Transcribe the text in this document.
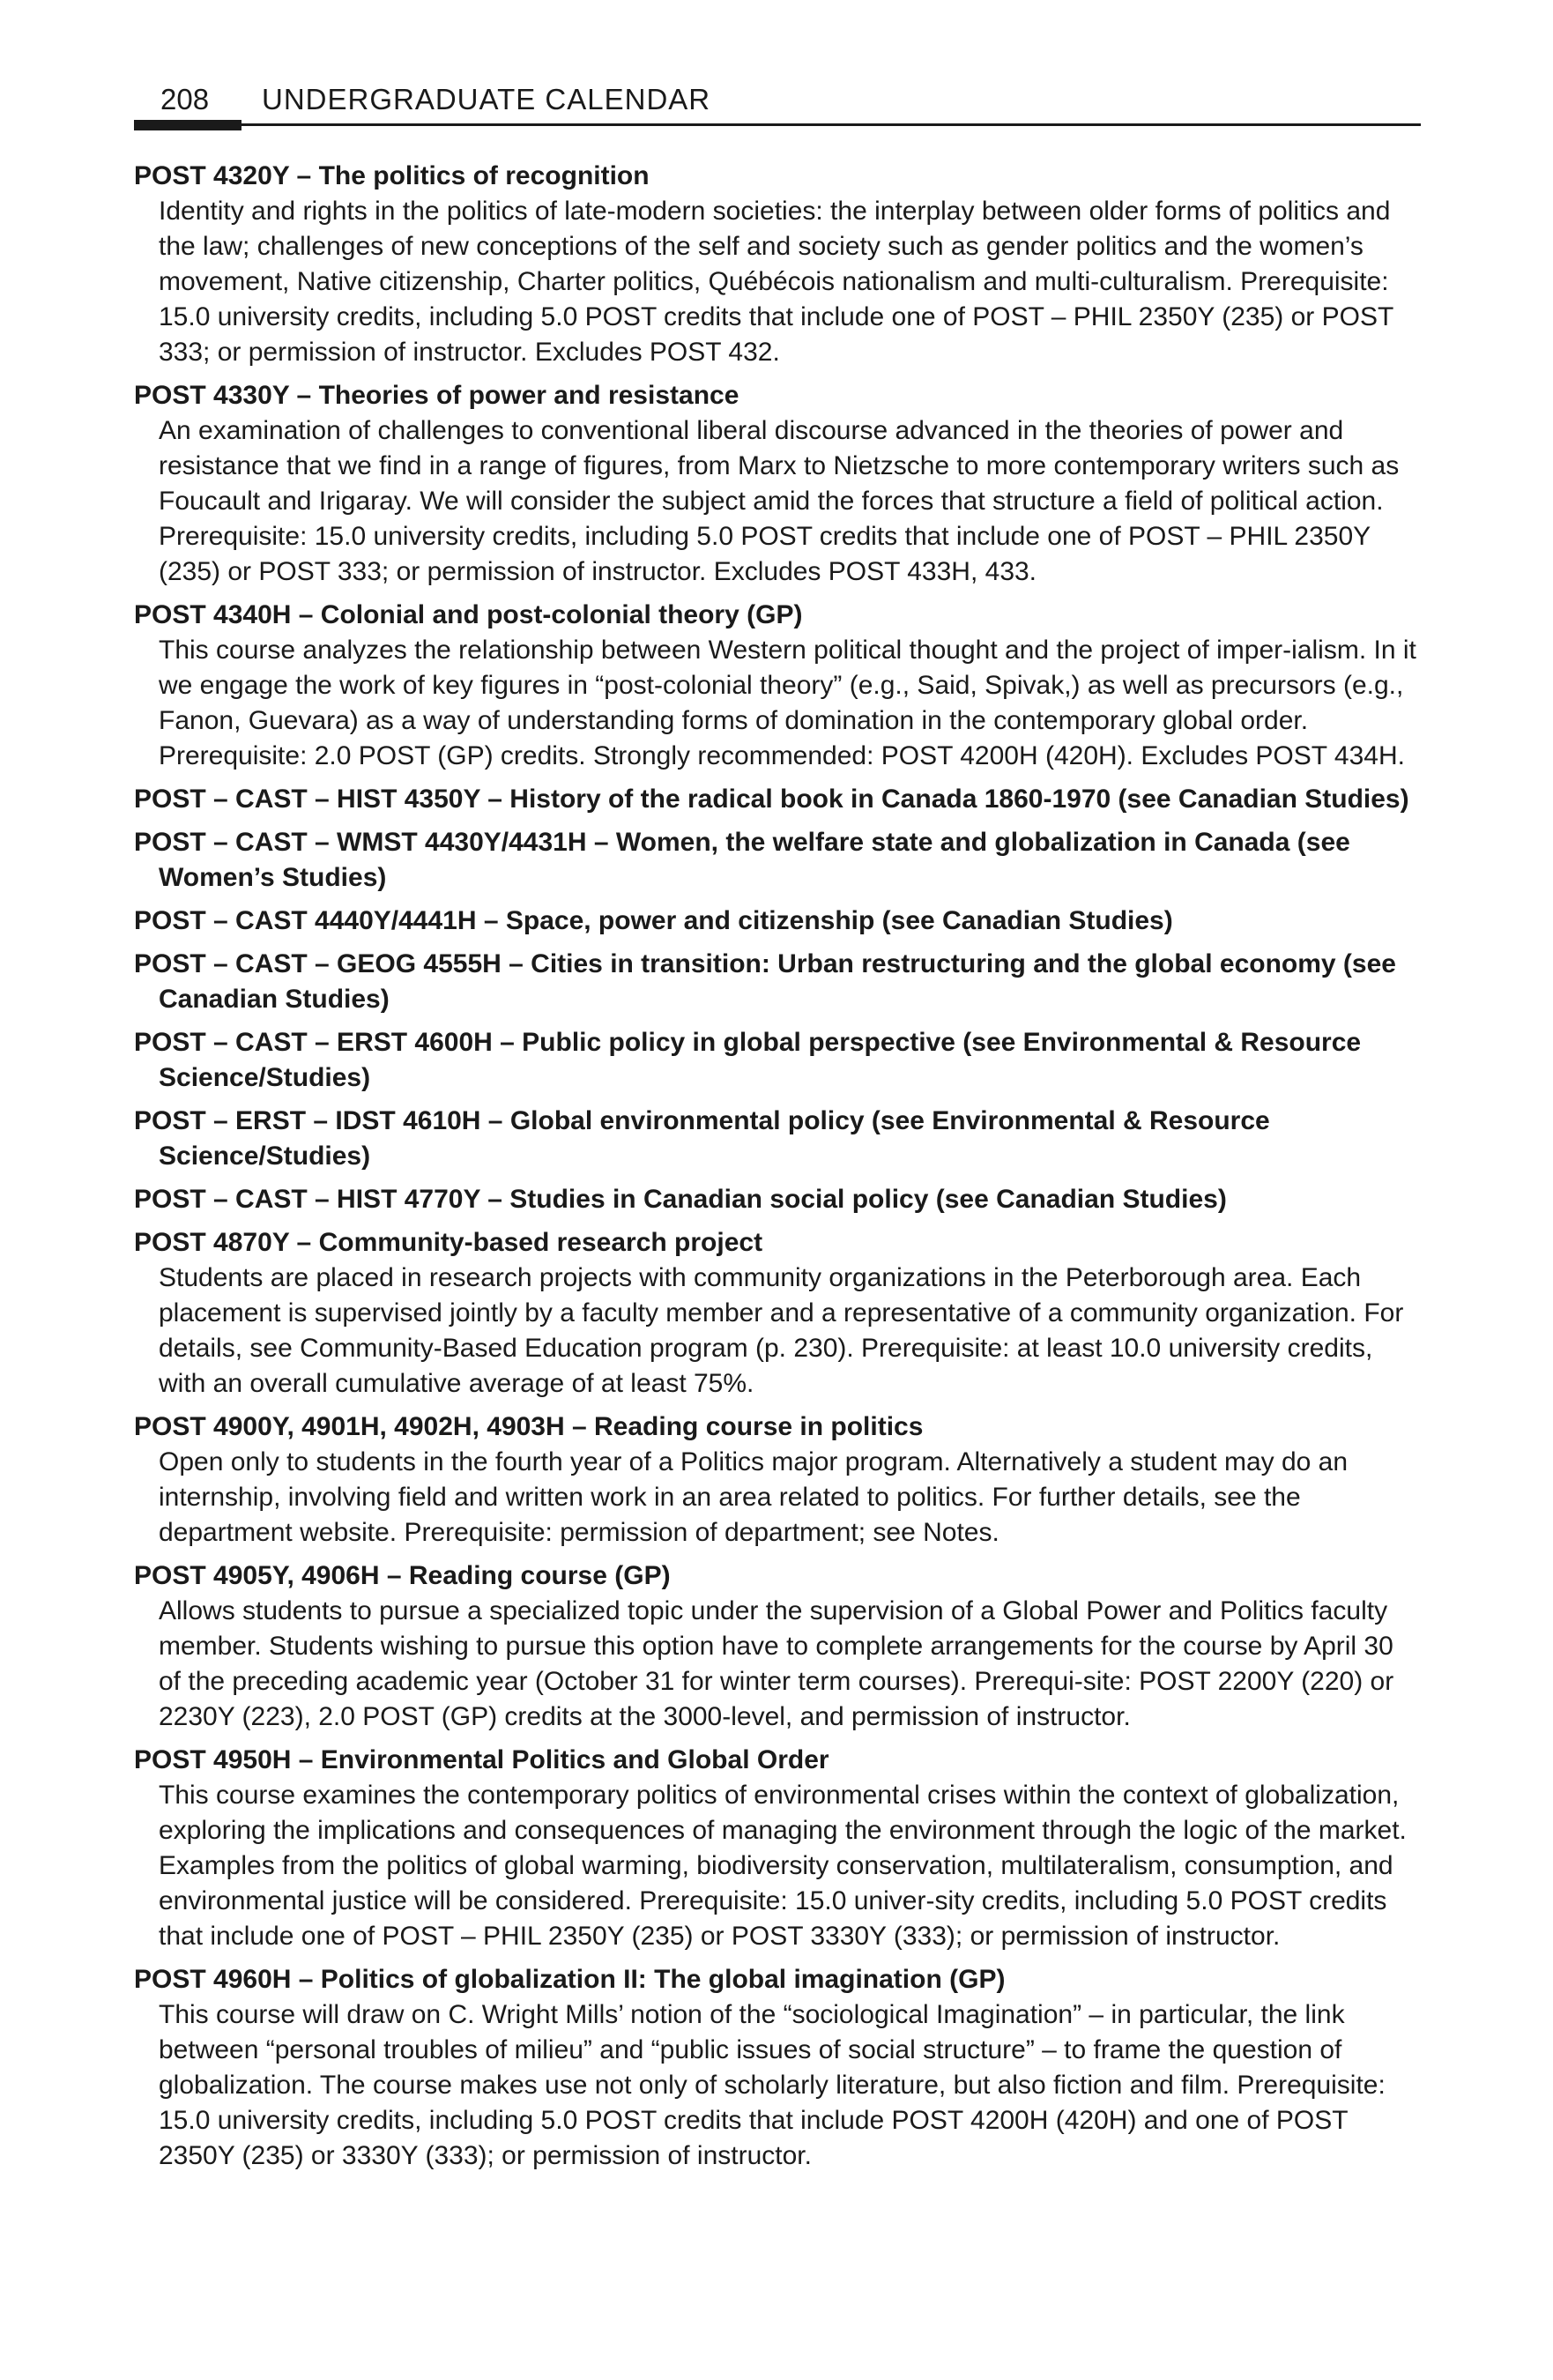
208 UNDERGRADUATE CALENDAR
POST 4320Y – The politics of recognition
Identity and rights in the politics of late-modern societies: the interplay between older forms of politics and the law; challenges of new conceptions of the self and society such as gender politics and the women’s movement, Native citizenship, Charter politics, Québécois nationalism and multi-culturalism. Prerequisite: 15.0 university credits, including 5.0 POST credits that include one of POST – PHIL 2350Y (235) or POST 333; or permission of instructor. Excludes POST 432.
POST 4330Y – Theories of power and resistance
An examination of challenges to conventional liberal discourse advanced in the theories of power and resistance that we find in a range of figures, from Marx to Nietzsche to more contemporary writers such as Foucault and Irigaray. We will consider the subject amid the forces that structure a field of political action. Prerequisite: 15.0 university credits, including 5.0 POST credits that include one of POST – PHIL 2350Y (235) or POST 333; or permission of instructor. Excludes POST 433H, 433.
POST 4340H – Colonial and post-colonial theory (GP)
This course analyzes the relationship between Western political thought and the project of imper-ialism. In it we engage the work of key figures in “post-colonial theory” (e.g., Said, Spivak,) as well as precursors (e.g., Fanon, Guevara) as a way of understanding forms of domination in the contemporary global order. Prerequisite: 2.0 POST (GP) credits. Strongly recommended: POST 4200H (420H). Excludes POST 434H.
POST – CAST – HIST 4350Y – History of the radical book in Canada 1860-1970 (see Canadian Studies)
POST – CAST – WMST 4430Y/4431H – Women, the welfare state and globalization in Canada (see Women’s Studies)
POST – CAST 4440Y/4441H – Space, power and citizenship (see Canadian Studies)
POST – CAST – GEOG 4555H – Cities in transition: Urban restructuring and the global economy (see Canadian Studies)
POST – CAST – ERST 4600H – Public policy in global perspective (see Environmental & Resource Science/Studies)
POST – ERST – IDST 4610H – Global environmental policy (see Environmental & Resource Science/Studies)
POST – CAST – HIST 4770Y – Studies in Canadian social policy (see Canadian Studies)
POST 4870Y – Community-based research project
Students are placed in research projects with community organizations in the Peterborough area. Each placement is supervised jointly by a faculty member and a representative of a community organization. For details, see Community-Based Education program (p. 230). Prerequisite: at least 10.0 university credits, with an overall cumulative average of at least 75%.
POST 4900Y, 4901H, 4902H, 4903H – Reading course in politics
Open only to students in the fourth year of a Politics major program. Alternatively a student may do an internship, involving field and written work in an area related to politics. For further details, see the department website. Prerequisite: permission of department; see Notes.
POST 4905Y, 4906H – Reading course (GP)
Allows students to pursue a specialized topic under the supervision of a Global Power and Politics faculty member. Students wishing to pursue this option have to complete arrangements for the course by April 30 of the preceding academic year (October 31 for winter term courses). Prerequi-site: POST 2200Y (220) or 2230Y (223), 2.0 POST (GP) credits at the 3000-level, and permission of instructor.
POST 4950H – Environmental Politics and Global Order
This course examines the contemporary politics of environmental crises within the context of globalization, exploring the implications and consequences of managing the environment through the logic of the market. Examples from the politics of global warming, biodiversity conservation, multilateralism, consumption, and environmental justice will be considered. Prerequisite: 15.0 univer-sity credits, including 5.0 POST credits that include one of POST – PHIL 2350Y (235) or POST 3330Y (333); or permission of instructor.
POST 4960H – Politics of globalization II: The global imagination (GP)
This course will draw on C. Wright Mills’ notion of the “sociological Imagination” – in particular, the link between “personal troubles of milieu” and “public issues of social structure” – to frame the question of globalization. The course makes use not only of scholarly literature, but also fiction and film. Prerequisite: 15.0 university credits, including 5.0 POST credits that include POST 4200H (420H) and one of POST 2350Y (235) or 3330Y (333); or permission of instructor.
